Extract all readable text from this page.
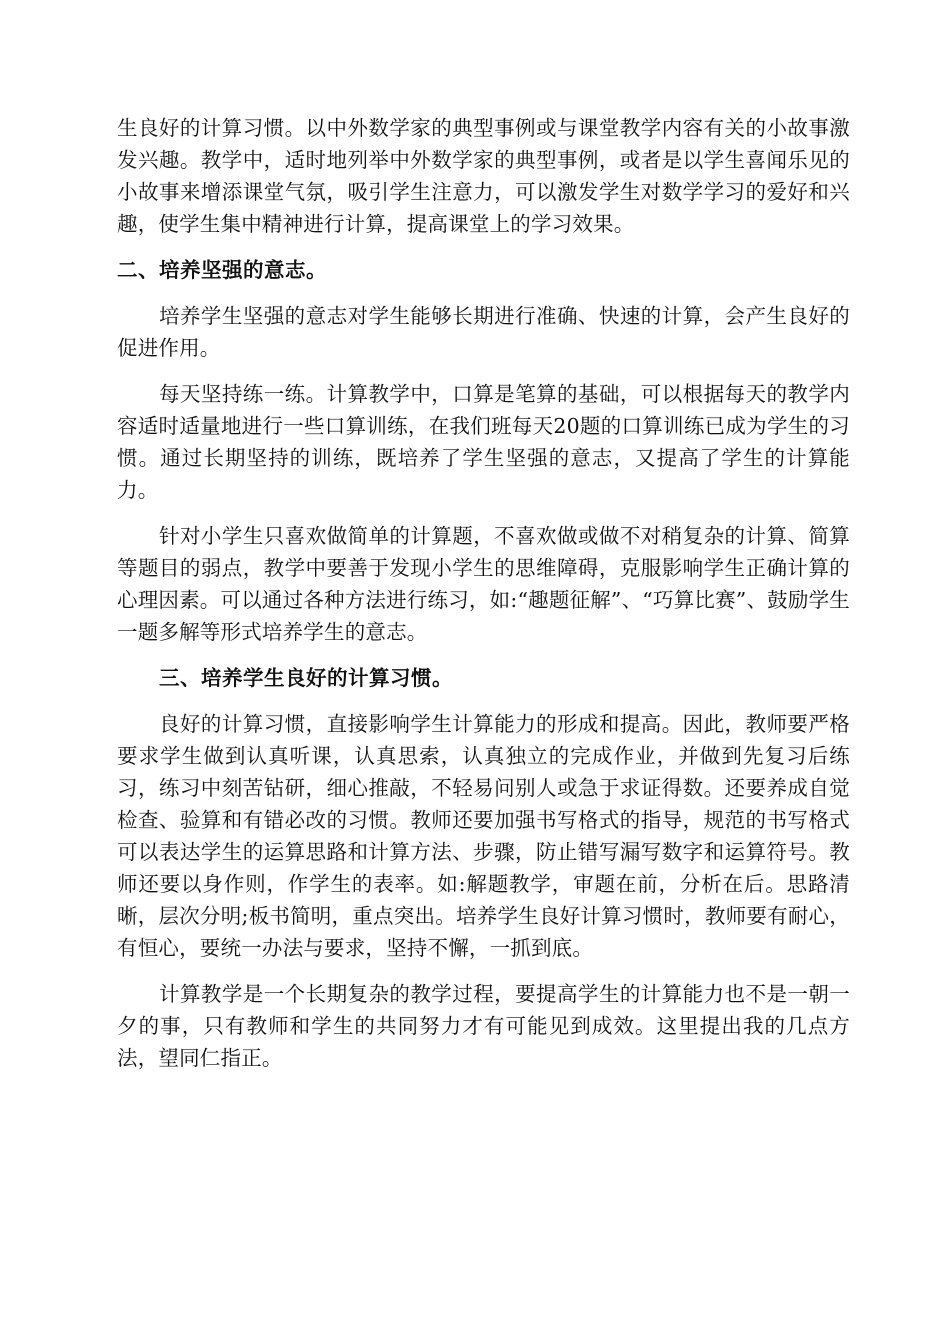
生良好的计算习惯。以中外数学家的典型事例或与课堂教学内容有关的小故事激发兴趣。教学中，适时地列举中外数学家的典型事例，或者是以学生喜闻乐见的小故事来增添课堂气氛，吸引学生注意力，可以激发学生对数学学习的爱好和兴趣，使学生集中精神进行计算，提高课堂上的学习效果。

二、培养坚强的意志。

培养学生坚强的意志对学生能够长期进行准确、快速的计算，会产生良好的促进作用。

每天坚持练一练。计算教学中，口算是笔算的基础，可以根据每天的教学内容适时适量地进行一些口算训练，在我们班每天20题的口算训练已成为学生的习惯。通过长期坚持的训练，既培养了学生坚强的意志，又提高了学生的计算能力。

针对小学生只喜欢做简单的计算题，不喜欢做或做不对稍复杂的计算、简算等题目的弱点，教学中要善于发现小学生的思维障碍，克服影响学生正确计算的心理因素。可以通过各种方法进行练习，如:“趣题征解”、“巧算比赛”、鼓励学生一题多解等形式培养学生的意志。

三、培养学生良好的计算习惯。

良好的计算习惯，直接影响学生计算能力的形成和提高。因此，教师要严格要求学生做到认真听课，认真思索，认真独立的完成作业，并做到先复习后练习，练习中刻苦钻研，细心推敲，不轻易问别人或急于求证得数。还要养成自觉检查、验算和有错必改的习惯。教师还要加强书写格式的指导，规范的书写格式可以表达学生的运算思路和计算方法、步骤，防止错写漏写数字和运算符号。教师还要以身作则，作学生的表率。如:解题教学，审题在前，分析在后。思路清晰，层次分明;板书简明，重点突出。培养学生良好计算习惯时，教师要有耐心，有恒心，要统一办法与要求，坚持不懈，一抓到底。

计算教学是一个长期复杂的教学过程，要提高学生的计算能力也不是一朝一夕的事，只有教师和学生的共同努力才有可能见到成效。这里提出我的几点方法，望同仁指正。
